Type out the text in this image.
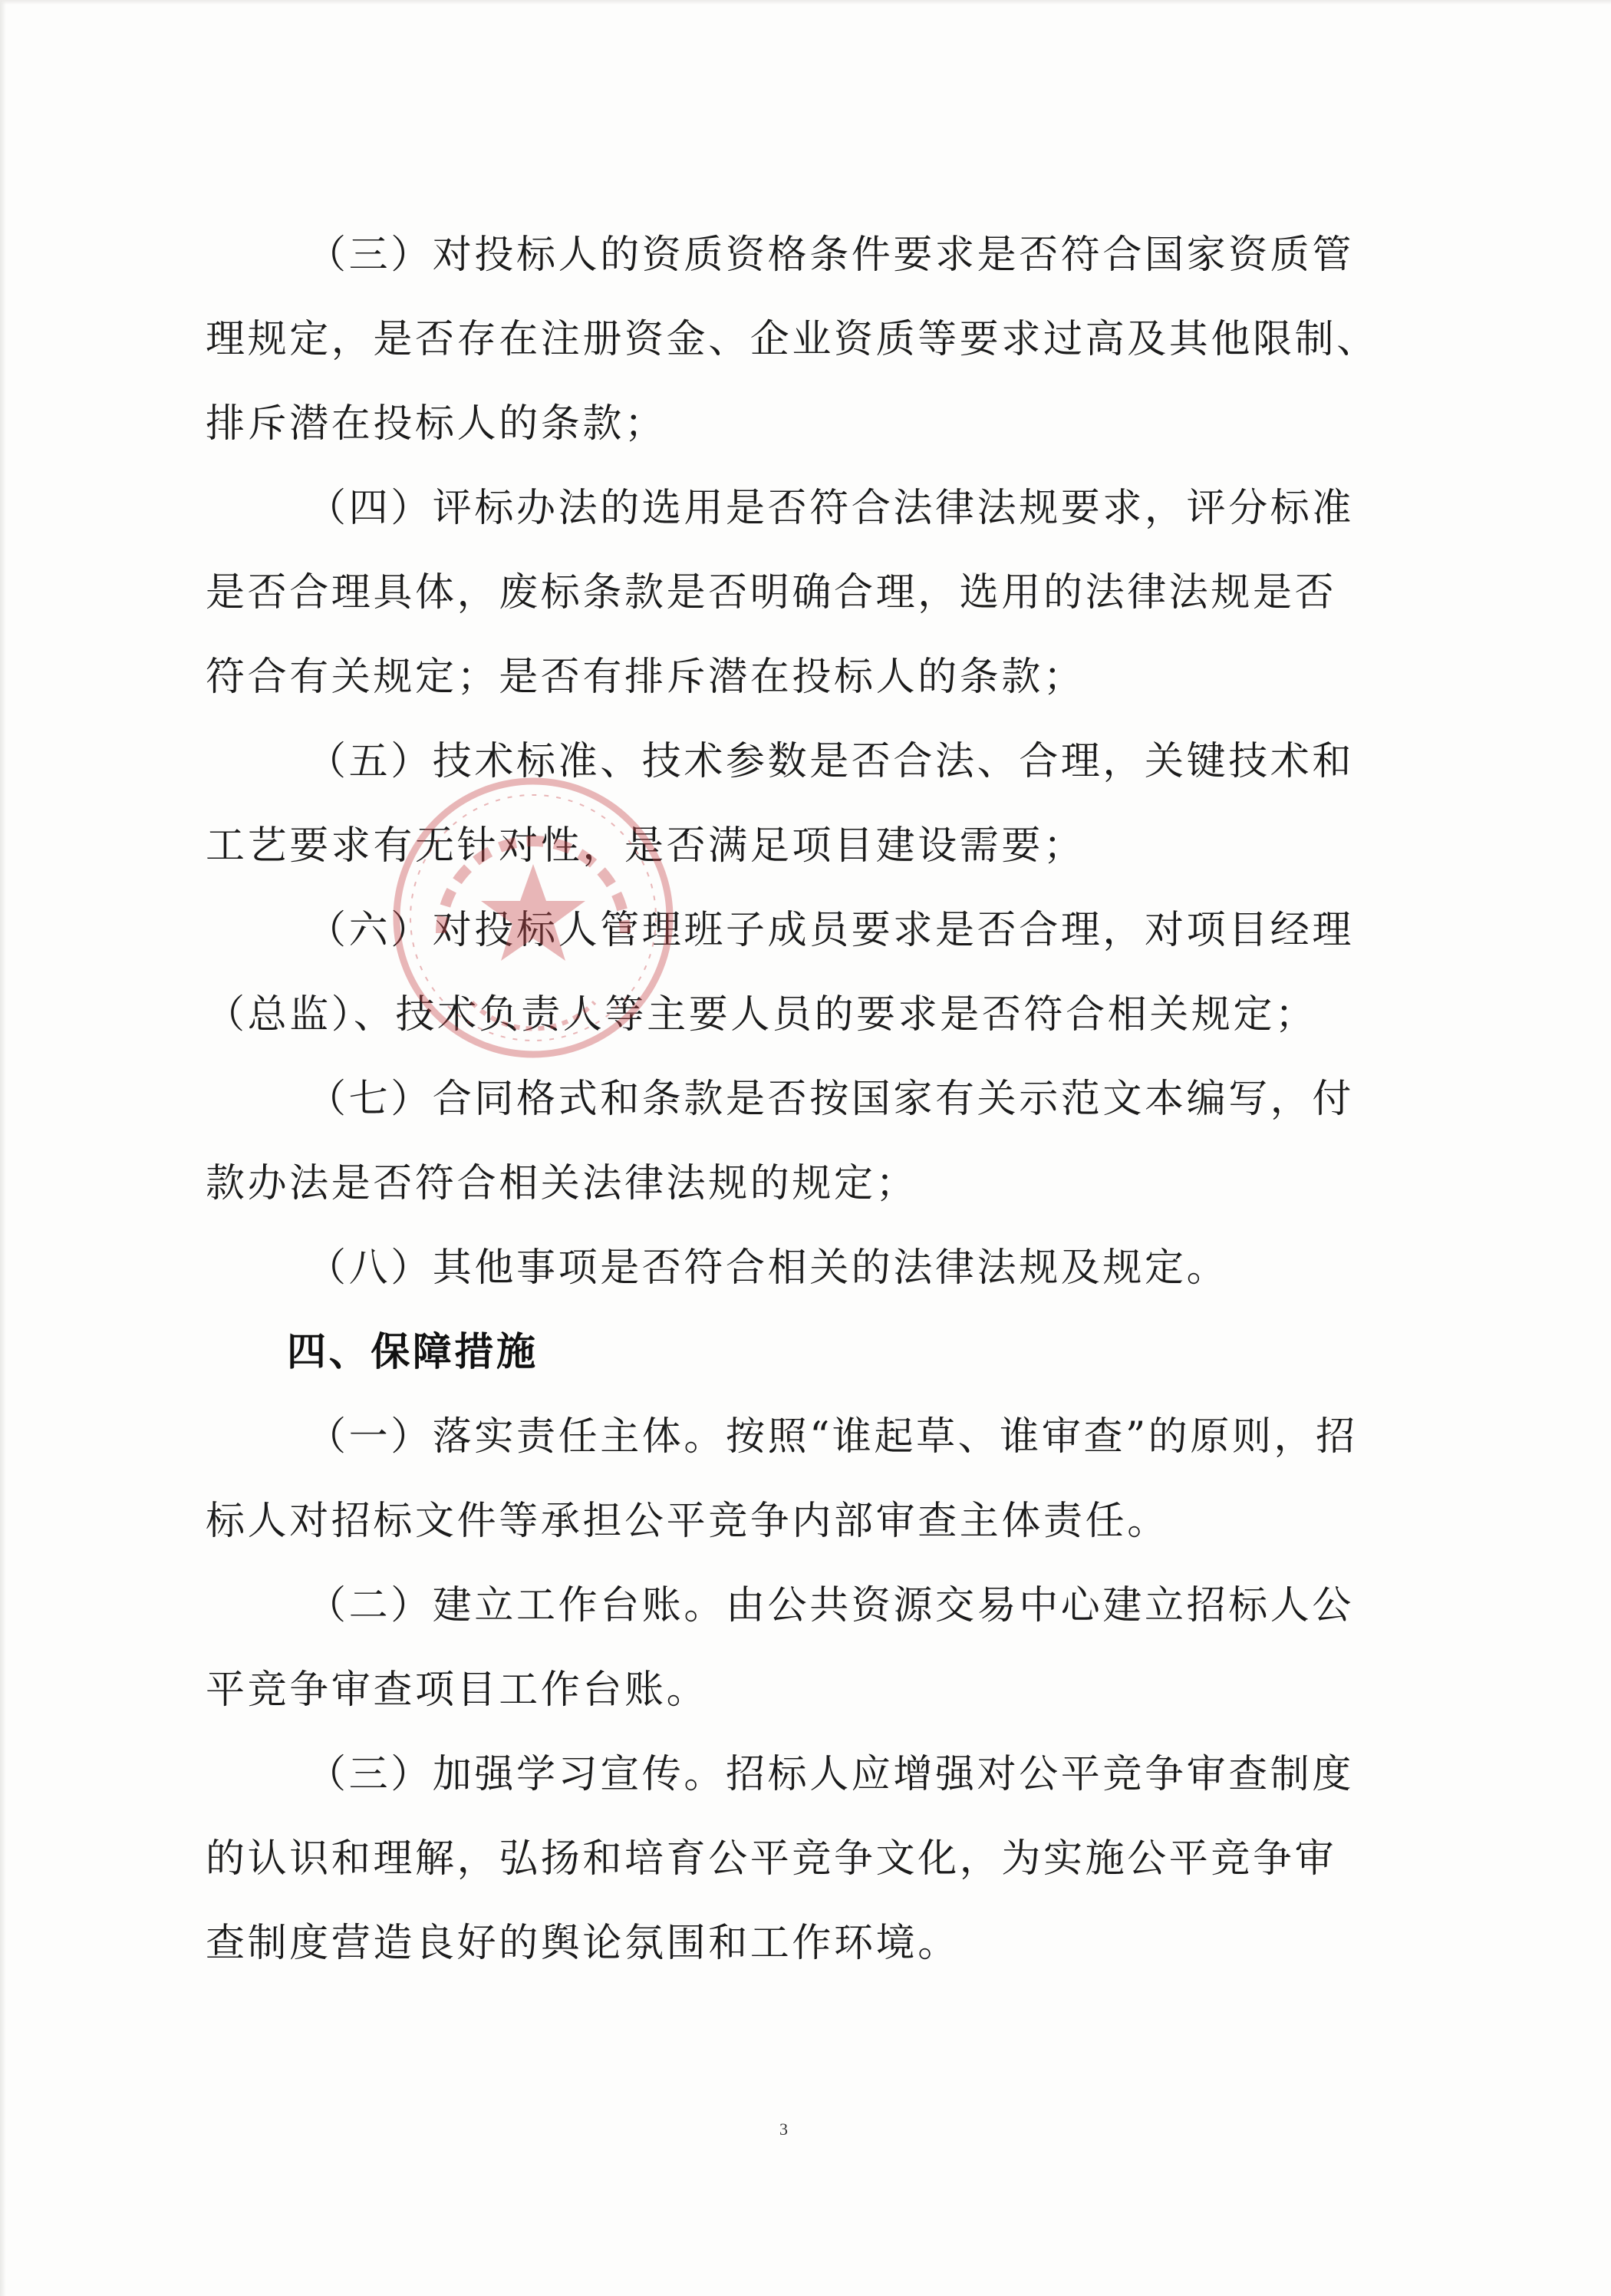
（三）对投标人的资质资格条件要求是否符合国家资质管
理规定，是否存在注册资金、企业资质等要求过高及其他限制、
排斥潜在投标人的条款；

（四）评标办法的选用是否符合法律法规要求，评分标准
是否合理具体，废标条款是否明确合理，选用的法律法规是否
符合有关规定；是否有排斥潜在投标人的条款；

（五）技术标准、技术参数是否合法、合理，关键技术和
工艺要求有无针对性，是否满足项目建设需要；

（六）对投标人管理班子成员要求是否合理，对项目经理
（总监）、技术负责人等主要人员的要求是否符合相关规定；

（七）合同格式和条款是否按国家有关示范文本编写，付
款办法是否符合相关法律法规的规定；

（八）其他事项是否符合相关的法律法规及规定。

四、保障措施

（一）落实责任主体。按照“谁起草、谁审查”的原则，招
标人对招标文件等承担公平竞争内部审查主体责任。

（二）建立工作台账。由公共资源交易中心建立招标人公
平竞争审查项目工作台账。

（三）加强学习宣传。招标人应增强对公平竞争审查制度
的认识和理解，弘扬和培育公平竞争文化，为实施公平竞争审
查制度营造良好的舆论氛围和工作环境。

3
